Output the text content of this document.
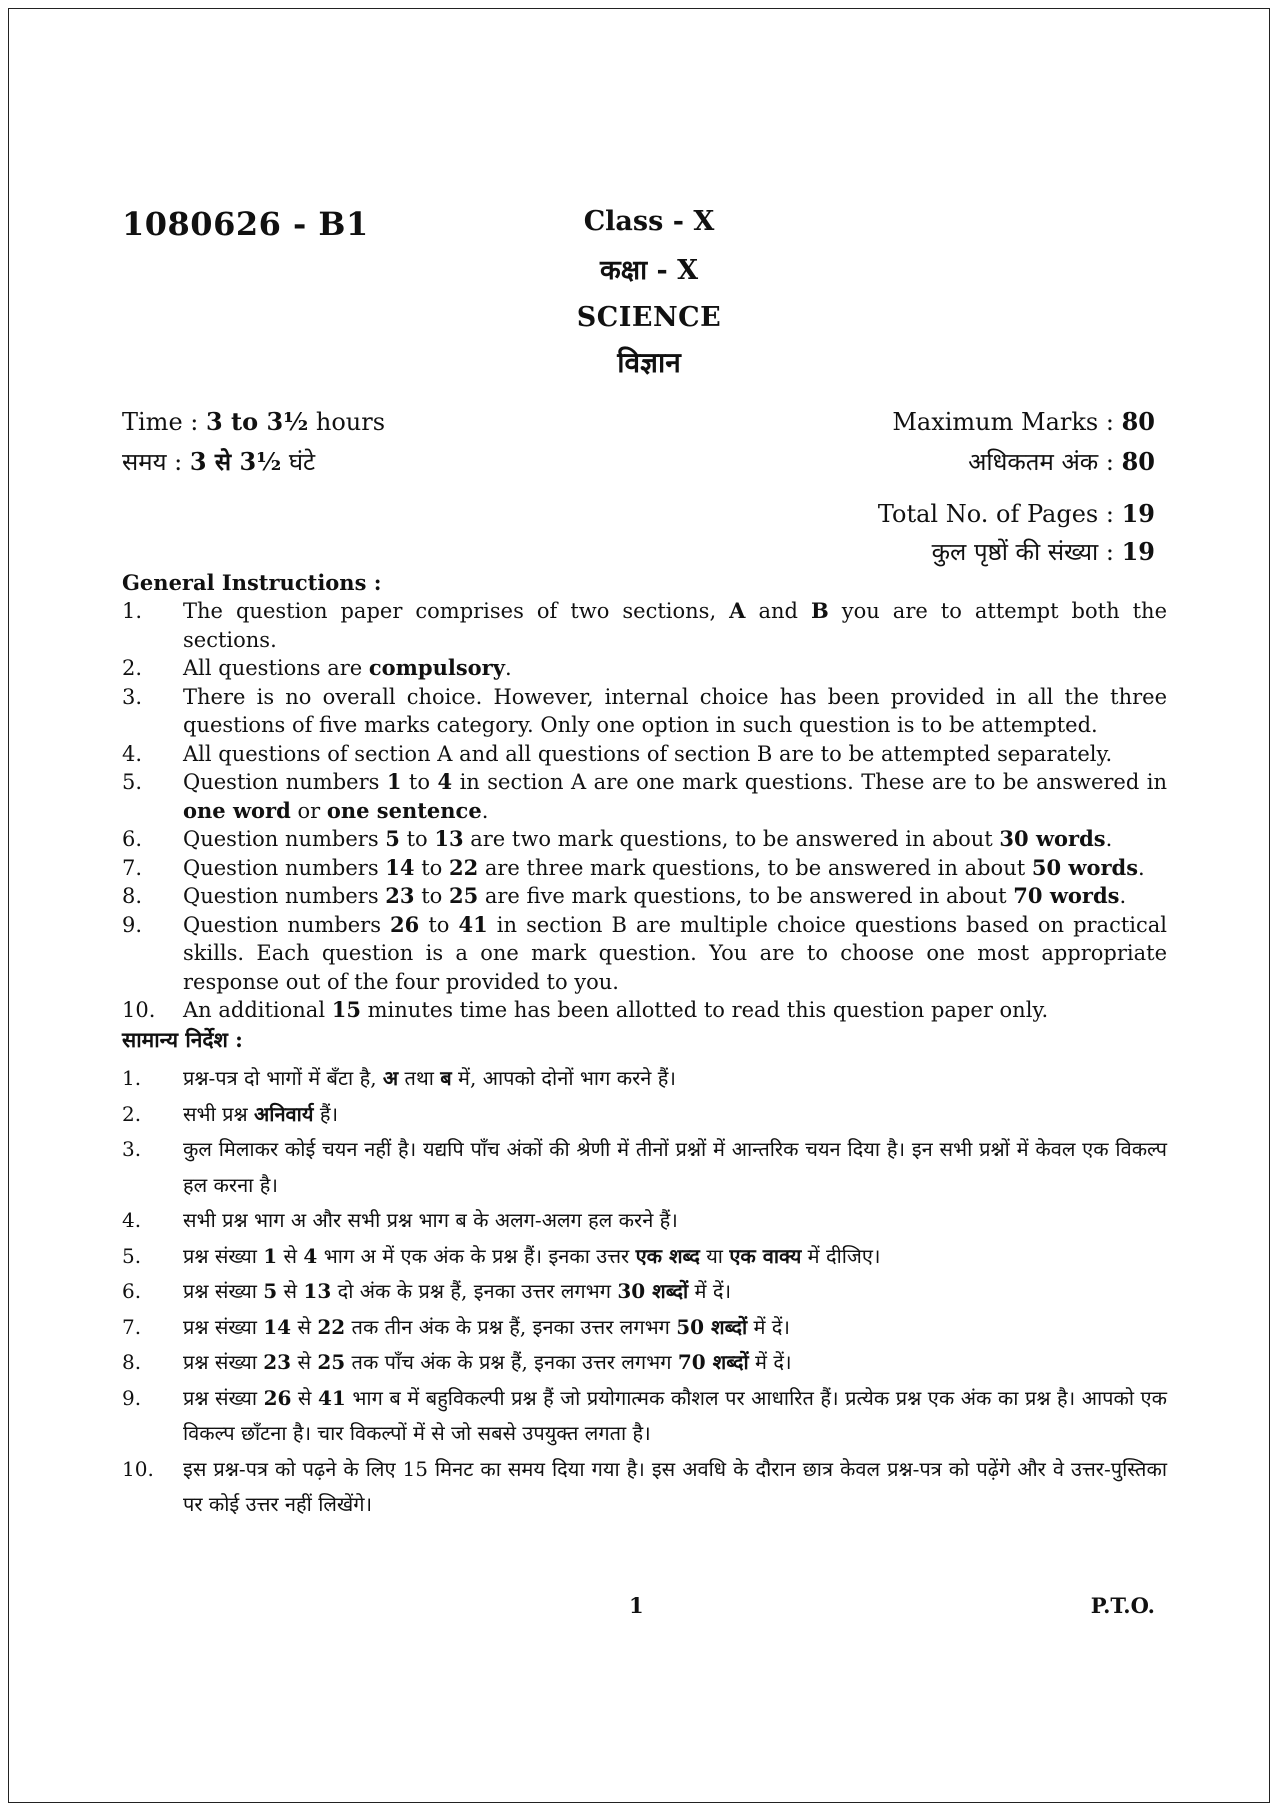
1080626 - B1	Class - X
कक्षा - X
SCIENCE
विज्ञान
Time : 3 to 3½ hours
समय : 3 से 3½ घंटे
Maximum Marks : 80
अधिकतम अंक : 80
Total No. of Pages : 19
कुल पृष्ठों की संख्या : 19
General Instructions :
1.	The question paper comprises of two sections, A and B you are to attempt both the sections.
2.	All questions are compulsory.
3.	There is no overall choice. However, internal choice has been provided in all the three questions of five marks category. Only one option in such question is to be attempted.
4.	All questions of section A and all questions of section B are to be attempted separately.
5.	Question numbers 1 to 4 in section A are one mark questions. These are to be answered in one word or one sentence.
6.	Question numbers 5 to 13 are two mark questions, to be answered in about 30 words.
7.	Question numbers 14 to 22 are three mark questions, to be answered in about 50 words.
8.	Question numbers 23 to 25 are five mark questions, to be answered in about 70 words.
9.	Question numbers 26 to 41 in section B are multiple choice questions based on practical skills. Each question is a one mark question. You are to choose one most appropriate response out of the four provided to you.
10.	An additional 15 minutes time has been allotted to read this question paper only.
सामान्य निर्देश :
1.	प्रश्न-पत्र दो भागों में बँटा है, अ तथा ब में, आपको दोनों भाग करने हैं।
2.	सभी प्रश्न अनिवार्य हैं।
3.	कुल मिलाकर कोई चयन नहीं है। यद्यपि पाँच अंकों की श्रेणी में तीनों प्रश्नों में आन्तरिक चयन दिया है। इन सभी प्रश्नों में केवल एक विकल्प हल करना है।
4.	सभी प्रश्न भाग अ और सभी प्रश्न भाग ब के अलग-अलग हल करने हैं।
5.	प्रश्न संख्या 1 से 4 भाग अ में एक अंक के प्रश्न हैं। इनका उत्तर एक शब्द या एक वाक्य में दीजिए।
6.	प्रश्न संख्या 5 से 13 दो अंक के प्रश्न हैं, इनका उत्तर लगभग 30 शब्दों में दें।
7.	प्रश्न संख्या 14 से 22 तक तीन अंक के प्रश्न हैं, इनका उत्तर लगभग 50 शब्दों में दें।
8.	प्रश्न संख्या 23 से 25 तक पाँच अंक के प्रश्न हैं, इनका उत्तर लगभग 70 शब्दों में दें।
9.	प्रश्न संख्या 26 से 41 भाग ब में बहुविकल्पी प्रश्न हैं जो प्रयोगात्मक कौशल पर आधारित हैं। प्रत्येक प्रश्न एक अंक का प्रश्न है। आपको एक विकल्प छाँटना है। चार विकल्पों में से जो सबसे उपयुक्त लगता है।
10.	इस प्रश्न-पत्र को पढ़ने के लिए 15 मिनट का समय दिया गया है। इस अवधि के दौरान छात्र केवल प्रश्न-पत्र को पढ़ेंगे और वे उत्तर-पुस्तिका पर कोई उत्तर नहीं लिखेंगे।
1	P.T.O.
